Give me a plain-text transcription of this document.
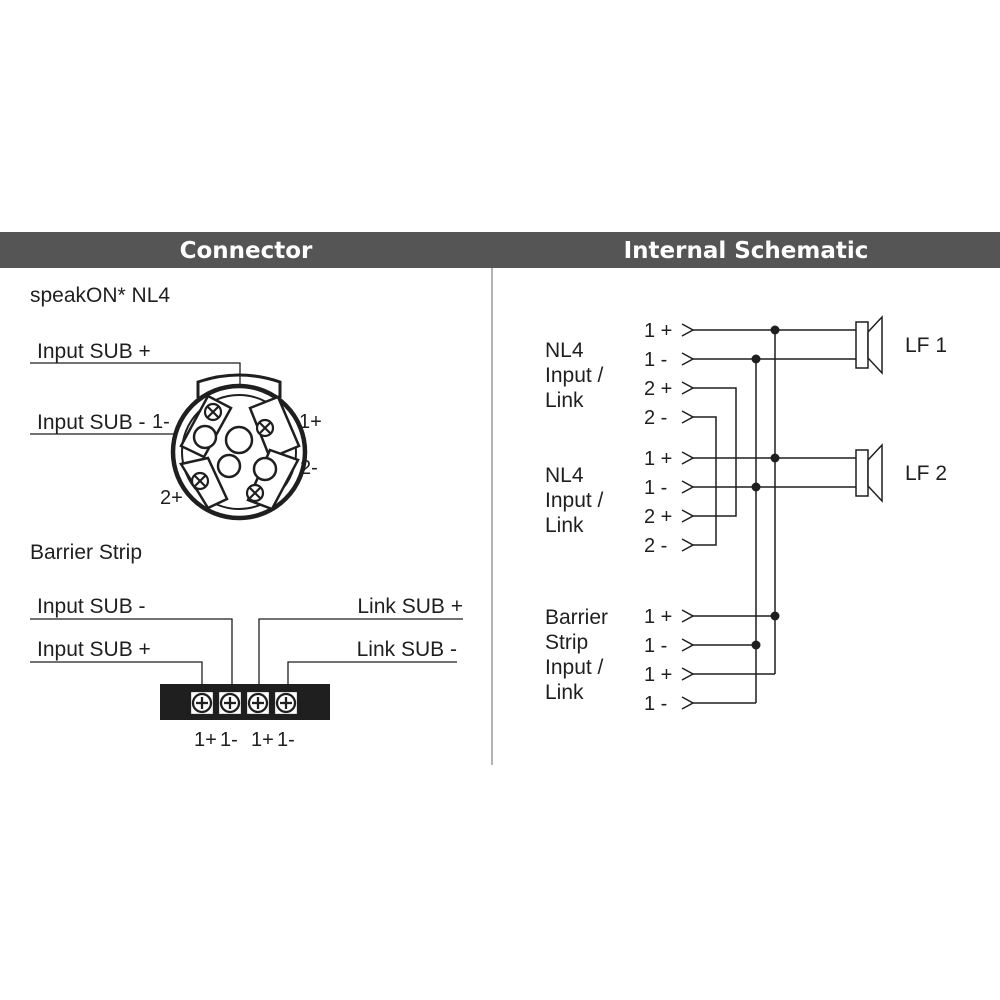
Connector	Internal Schematic
speakON* NL4
Input SUB +
Input SUB - 1-	1+
2-
2+
Barrier Strip
Input SUB -
Input SUB +
Link SUB +
Link SUB -
1+ 1- 1+ 1-
NL4
Input /
Link
1 +
1 -
2 +
2 -
NL4
Input /
Link
1 +
1 -
2 +
2 -
Barrier
Strip
Input /
Link
1 +
1 -
1 +
1 -
LF 1
LF 2
